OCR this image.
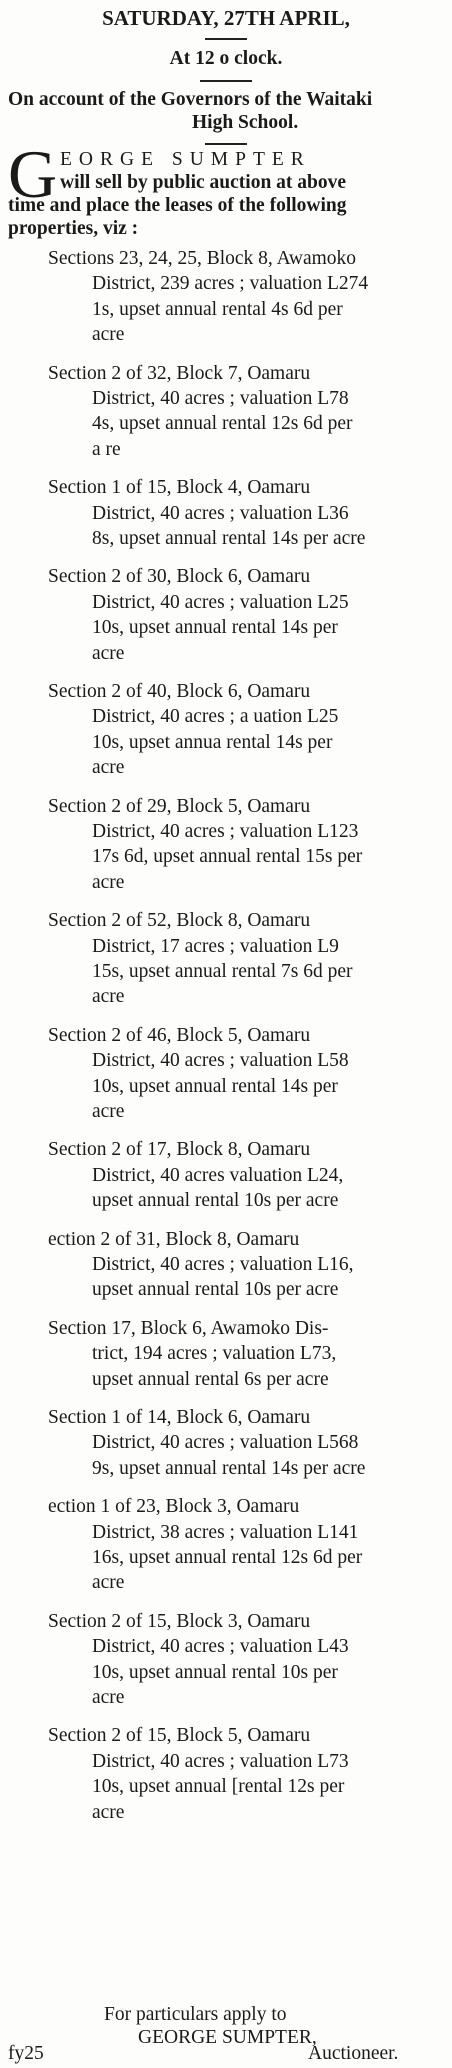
SATURDAY, 27TH APRIL,
At 12 o clock.
On account of the Governors of the Waitaki
High School.
G EORGE SUMPTER
will sell by public auction at above
time and place the leases of the following
properties, viz :
Sections 23, 24, 25, Block 8, Awamoko
District, 239 acres ; valuation L274
1s, upset annual rental 4s 6d per
acre
Section 2 of 32, Block 7, Oamaru
District, 40 acres ; valuation L78
4s, upset annual rental 12s 6d per
a re
Section 1 of 15, Block 4, Oamaru
District, 40 acres ; valuation L36
8s, upset annual rental 14s per acre
Section 2 of 30, Block 6, Oamaru
District, 40 acres ; valuation L25
10s, upset annual rental 14s per
acre
Section 2 of 40, Block 6, Oamaru
District, 40 acres ; a uation L25
10s, upset annua rental 14s per
acre
Section 2 of 29, Block 5, Oamaru
District, 40 acres ; valuation L123
17s 6d, upset annual rental 15s per
acre
Section 2 of 52, Block 8, Oamaru
District, 17 acres ; valuation L9
15s, upset annual rental 7s 6d per
acre
Section 2 of 46, Block 5, Oamaru
District, 40 acres ; valuation L58
10s, upset annual rental 14s per
acre
Section 2 of 17, Block 8, Oamaru
District, 40 acres valuation L24,
upset annual rental 10s per acre
ection 2 of 31, Block 8, Oamaru
District, 40 acres ; valuation L16,
upset annual rental 10s per acre
Section 17, Block 6, Awamoko Dis-
trict, 194 acres ; valuation L73,
upset annual rental 6s per acre
Section 1 of 14, Block 6, Oamaru
District, 40 acres ; valuation L568
9s, upset annual rental 14s per acre
ection 1 of 23, Block 3, Oamaru
District, 38 acres ; valuation L141
16s, upset annual rental 12s 6d per
acre
Section 2 of 15, Block 3, Oamaru
District, 40 acres ; valuation L43
10s, upset annual rental 10s per
acre
Section 2 of 15, Block 5, Oamaru
District, 40 acres ; valuation L73
10s, upset annual [rental 12s per
acre
For particulars apply to
GEORGE SUMPTER,
fy25	Auctioneer.
